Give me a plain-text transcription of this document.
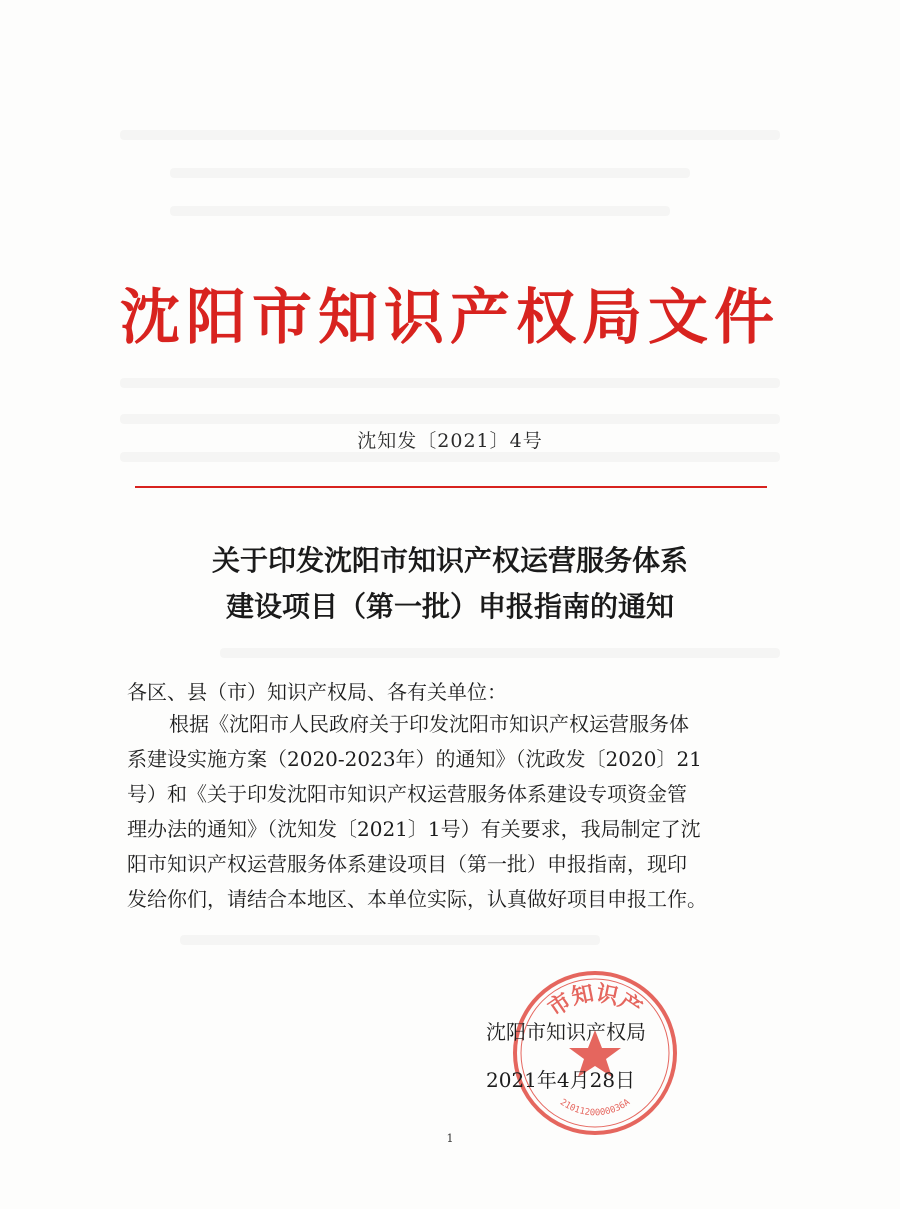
沈阳市知识产权局文件
沈知发〔2021〕4号
关于印发沈阳市知识产权运营服务体系
建设项目（第一批）申报指南的通知
各区、县（市）知识产权局、各有关单位：
根据《沈阳市人民政府关于印发沈阳市知识产权运营服务体
系建设实施方案（2020-2023年）的通知》（沈政发〔2020〕21
号）和《关于印发沈阳市知识产权运营服务体系建设专项资金管
理办法的通知》（沈知发〔2021〕1号）有关要求，我局制定了沈
阳市知识产权运营服务体系建设项目（第一批）申报指南，现印
发给你们，请结合本地区、本单位实际，认真做好项目申报工作。
市知识产
2101120000036A
沈阳市知识产权局
2021年4月28日
1
